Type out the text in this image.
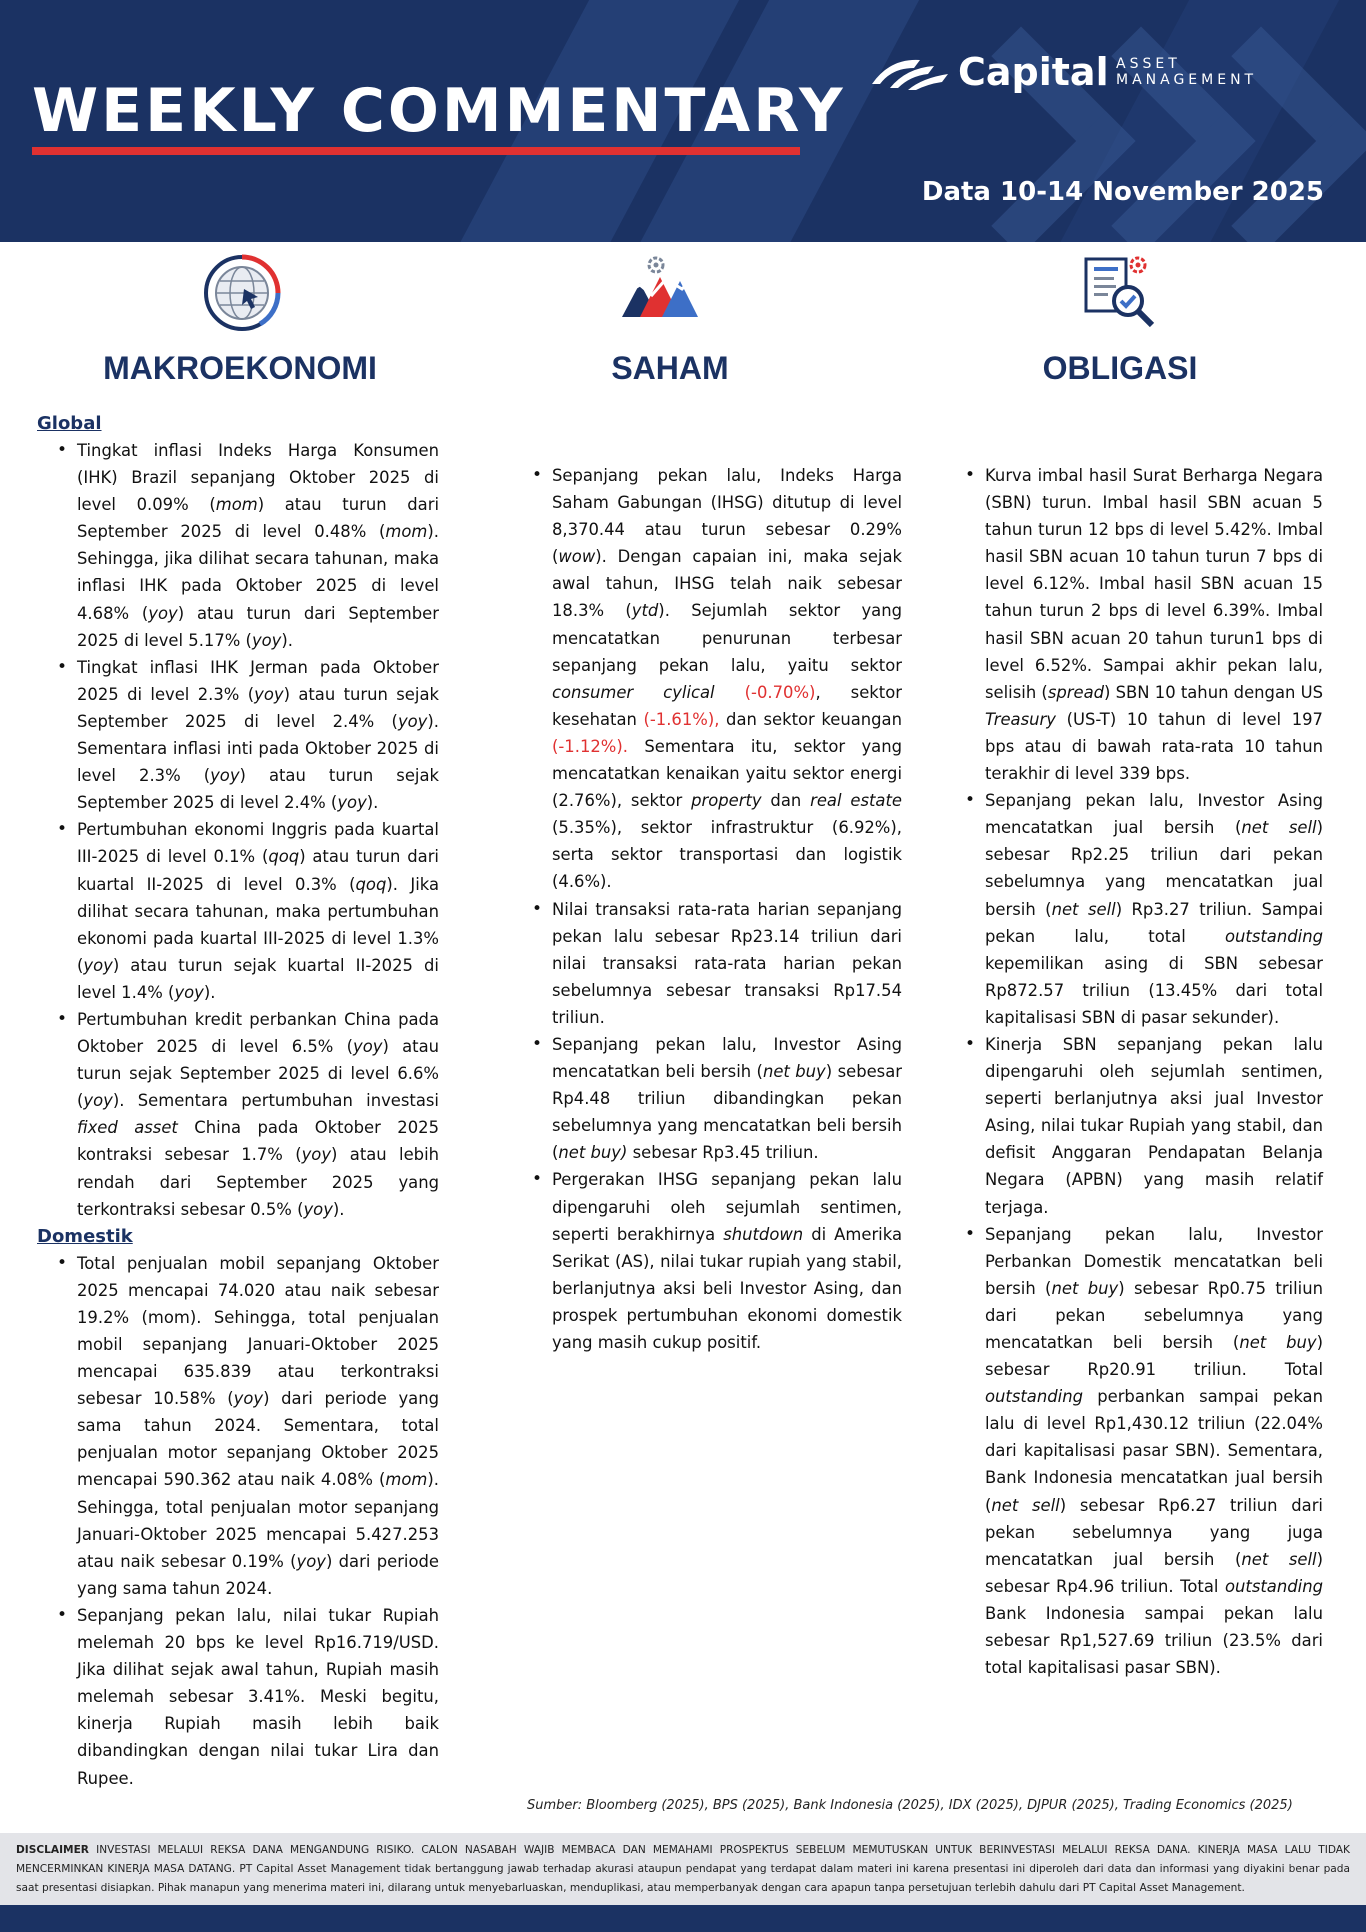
WEEKLY COMMENTARY
Capital ASSET
MANAGEMENT
Data 10-14 November 2025
MAKROEKONOMI	SAHAM	OBLIGASI
Global
• Tingkat inflasi Indeks Harga Konsumen (IHK) Brazil sepanjang Oktober 2025 di level 0.09% (mom) atau turun dari September 2025 di level 0.48% (mom). Sehingga, jika dilihat secara tahunan, maka inflasi IHK pada Oktober 2025 di level 4.68% (yoy) atau turun dari September 2025 di level 5.17% (yoy).
• Tingkat inflasi IHK Jerman pada Oktober 2025 di level 2.3% (yoy) atau turun sejak September 2025 di level 2.4% (yoy). Sementara inflasi inti pada Oktober 2025 di level 2.3% (yoy) atau turun sejak September 2025 di level 2.4% (yoy).
• Pertumbuhan ekonomi Inggris pada kuartal III-2025 di level 0.1% (qoq) atau turun dari kuartal II-2025 di level 0.3% (qoq). Jika dilihat secara tahunan, maka pertumbuhan ekonomi pada kuartal III-2025 di level 1.3% (yoy) atau turun sejak kuartal II-2025 di level 1.4% (yoy).
• Pertumbuhan kredit perbankan China pada Oktober 2025 di level 6.5% (yoy) atau turun sejak September 2025 di level 6.6% (yoy). Sementara pertumbuhan investasi fixed asset China pada Oktober 2025 kontraksi sebesar 1.7% (yoy) atau lebih rendah dari September 2025 yang terkontraksi sebesar 0.5% (yoy).
Domestik
• Total penjualan mobil sepanjang Oktober 2025 mencapai 74.020 atau naik sebesar 19.2% (mom). Sehingga, total penjualan mobil sepanjang Januari-Oktober 2025 mencapai 635.839 atau terkontraksi sebesar 10.58% (yoy) dari periode yang sama tahun 2024. Sementara, total penjualan motor sepanjang Oktober 2025 mencapai 590.362 atau naik 4.08% (mom). Sehingga, total penjualan motor sepanjang Januari-Oktober 2025 mencapai 5.427.253 atau naik sebesar 0.19% (yoy) dari periode yang sama tahun 2024.
• Sepanjang pekan lalu, nilai tukar Rupiah melemah 20 bps ke level Rp16.719/USD. Jika dilihat sejak awal tahun, Rupiah masih melemah sebesar 3.41%. Meski begitu, kinerja Rupiah masih lebih baik dibandingkan dengan nilai tukar Lira dan Rupee.
• Sepanjang pekan lalu, Indeks Harga Saham Gabungan (IHSG) ditutup di level 8,370.44 atau turun sebesar 0.29% (wow). Dengan capaian ini, maka sejak awal tahun, IHSG telah naik sebesar 18.3% (ytd). Sejumlah sektor yang mencatatkan penurunan terbesar sepanjang pekan lalu, yaitu sektor consumer cylical (-0.70%), sektor kesehatan (-1.61%), dan sektor keuangan (-1.12%). Sementara itu, sektor yang mencatatkan kenaikan yaitu sektor energi (2.76%), sektor property dan real estate (5.35%), sektor infrastruktur (6.92%), serta sektor transportasi dan logistik (4.6%).
• Nilai transaksi rata-rata harian sepanjang pekan lalu sebesar Rp23.14 triliun dari nilai transaksi rata-rata harian pekan sebelumnya sebesar transaksi Rp17.54 triliun.
• Sepanjang pekan lalu, Investor Asing mencatatkan beli bersih (net buy) sebesar Rp4.48 triliun dibandingkan pekan sebelumnya yang mencatatkan beli bersih (net buy) sebesar Rp3.45 triliun.
• Pergerakan IHSG sepanjang pekan lalu dipengaruhi oleh sejumlah sentimen, seperti berakhirnya shutdown di Amerika Serikat (AS), nilai tukar rupiah yang stabil, berlanjutnya aksi beli Investor Asing, dan prospek pertumbuhan ekonomi domestik yang masih cukup positif.
• Kurva imbal hasil Surat Berharga Negara (SBN) turun. Imbal hasil SBN acuan 5 tahun turun 12 bps di level 5.42%. Imbal hasil SBN acuan 10 tahun turun 7 bps di level 6.12%. Imbal hasil SBN acuan 15 tahun turun 2 bps di level 6.39%. Imbal hasil SBN acuan 20 tahun turun1 bps di level 6.52%. Sampai akhir pekan lalu, selisih (spread) SBN 10 tahun dengan US Treasury (US-T) 10 tahun di level 197 bps atau di bawah rata-rata 10 tahun terakhir di level 339 bps.
• Sepanjang pekan lalu, Investor Asing mencatatkan jual bersih (net sell) sebesar Rp2.25 triliun dari pekan sebelumnya yang mencatatkan jual bersih (net sell) Rp3.27 triliun. Sampai pekan lalu, total outstanding kepemilikan asing di SBN sebesar Rp872.57 triliun (13.45% dari total kapitalisasi SBN di pasar sekunder).
• Kinerja SBN sepanjang pekan lalu dipengaruhi oleh sejumlah sentimen, seperti berlanjutnya aksi jual Investor Asing, nilai tukar Rupiah yang stabil, dan defisit Anggaran Pendapatan Belanja Negara (APBN) yang masih relatif terjaga.
• Sepanjang pekan lalu, Investor Perbankan Domestik mencatatkan beli bersih (net buy) sebesar Rp0.75 triliun dari pekan sebelumnya yang mencatatkan beli bersih (net buy) sebesar Rp20.91 triliun. Total outstanding perbankan sampai pekan lalu di level Rp1,430.12 triliun (22.04% dari kapitalisasi pasar SBN). Sementara, Bank Indonesia mencatatkan jual bersih (net sell) sebesar Rp6.27 triliun dari pekan sebelumnya yang juga mencatatkan jual bersih (net sell) sebesar Rp4.96 triliun. Total outstanding Bank Indonesia sampai pekan lalu sebesar Rp1,527.69 triliun (23.5% dari total kapitalisasi pasar SBN).
Sumber: Bloomberg (2025), BPS (2025), Bank Indonesia (2025), IDX (2025), DJPUR (2025), Trading Economics (2025)
DISCLAIMER INVESTASI MELALUI REKSA DANA MENGANDUNG RISIKO. CALON NASABAH WAJIB MEMBACA DAN MEMAHAMI PROSPEKTUS SEBELUM MEMUTUSKAN UNTUK BERINVESTASI MELALUI REKSA DANA. KINERJA MASA LALU TIDAK MENCERMINKAN KINERJA MASA DATANG. PT Capital Asset Management tidak bertanggung jawab terhadap akurasi ataupun pendapat yang terdapat dalam materi ini karena presentasi ini diperoleh dari data dan informasi yang diyakini benar pada saat presentasi disiapkan. Pihak manapun yang menerima materi ini, dilarang untuk menyebarluaskan, menduplikasi, atau memperbanyak dengan cara apapun tanpa persetujuan terlebih dahulu dari PT Capital Asset Management.
